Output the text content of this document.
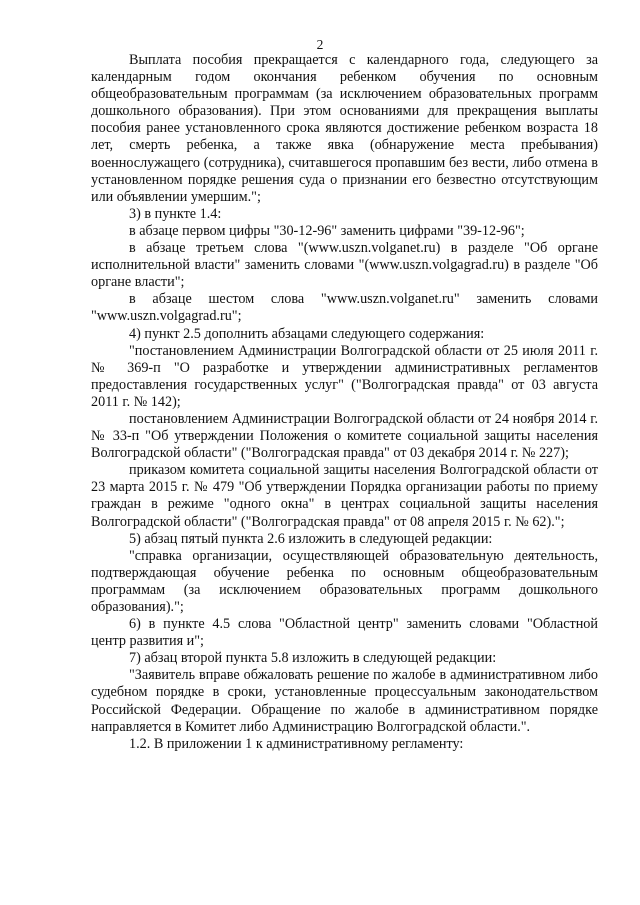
2

Выплата пособия прекращается с календарного года, следующего за календарным годом окончания ребенком обучения по основным общеобразовательным программам (за исключением образовательных программ дошкольного образования). При этом основаниями для прекращения выплаты пособия ранее установленного срока являются достижение ребенком возраста 18 лет, смерть ребенка, а также явка (обнаружение места пребывания) военнослужащего (сотрудника), считавшегося пропавшим без вести, либо отмена в установленном порядке решения суда о признании его безвестно отсутствующим или объявлении умершим.";

3) в пункте 1.4:

в абзаце первом цифры "30-12-96" заменить цифрами "39-12-96";

в абзаце третьем слова "(www.uszn.volganet.ru) в разделе "Об органе исполнительной власти" заменить словами "(www.uszn.volgagrad.ru) в разделе "Об органе власти";

в абзаце шестом слова "www.uszn.volganet.ru" заменить словами "www.uszn.volgagrad.ru";

4) пункт 2.5 дополнить абзацами следующего содержания:

"постановлением Администрации Волгоградской области от 25 июля 2011 г. № 369-п "О разработке и утверждении административных регламентов предоставления государственных услуг" ("Волгоградская правда" от 03 августа 2011 г. № 142);

постановлением Администрации Волгоградской области от 24 ноября 2014 г. № 33-п "Об утверждении Положения о комитете социальной защиты населения Волгоградской области" ("Волгоградская правда" от 03 декабря 2014 г. № 227);

приказом комитета социальной защиты населения Волгоградской области от 23 марта 2015 г. № 479 "Об утверждении Порядка организации работы по приему граждан в режиме "одного окна" в центрах социальной защиты населения Волгоградской области" ("Волгоградская правда" от 08 апреля 2015 г. № 62).";

5) абзац пятый пункта 2.6 изложить в следующей редакции:

"справка организации, осуществляющей образовательную деятельность, подтверждающая обучение ребенка по основным общеобразовательным программам (за исключением образовательных программ дошкольного образования).";

6) в пункте 4.5 слова "Областной центр" заменить словами "Областной центр развития и";

7) абзац второй пункта 5.8 изложить в следующей редакции:

"Заявитель вправе обжаловать решение по жалобе в административном либо судебном порядке в сроки, установленные процессуальным законодательством Российской Федерации. Обращение по жалобе в административном порядке направляется в Комитет либо Администрацию Волгоградской области.".

1.2. В приложении 1 к административному регламенту:
